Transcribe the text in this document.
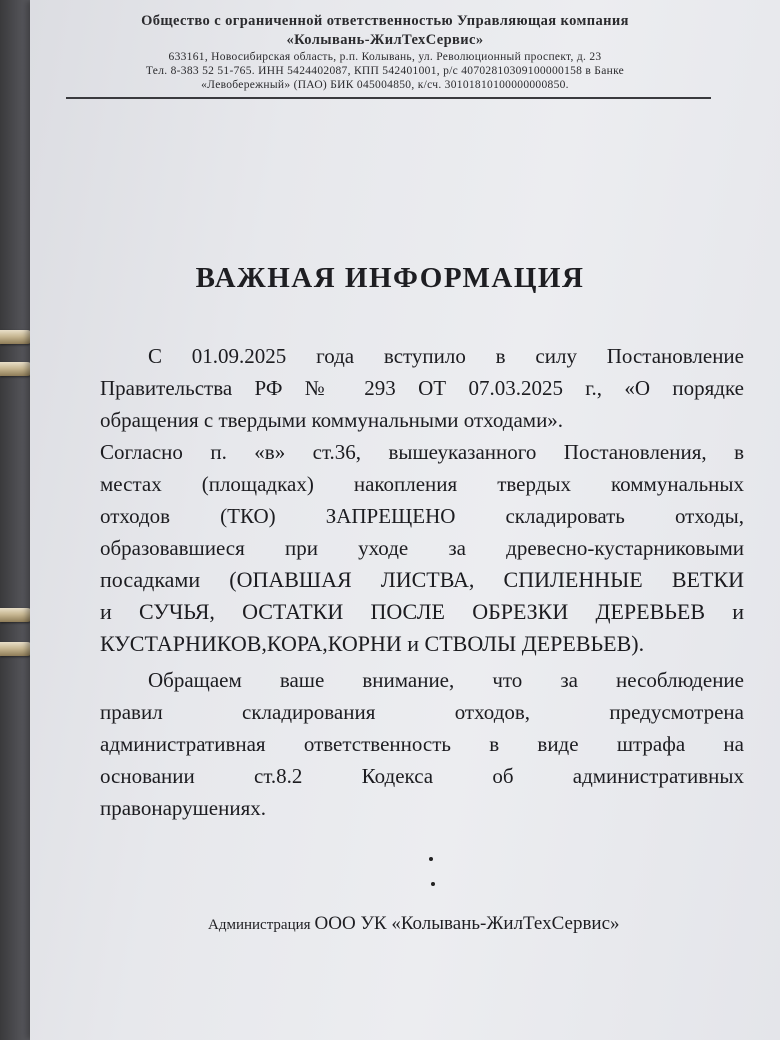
Общество с ограниченной ответственностью Управляющая компания
«Колывань-ЖилТехСервис»
633161, Новосибирская область, р.п. Колывань, ул. Революционный проспект, д. 23
Тел. 8-383 52 51-765. ИНН 5424402087, КПП 542401001, р/с 40702810309100000158 в Банке
«Левобережный» (ПАО) БИК 045004850, к/сч. 30101810100000000850.
ВАЖНАЯ ИНФОРМАЦИЯ
С 01.09.2025 года вступило в силу Постановление
Правительства РФ № 293 ОТ 07.03.2025 г., «О порядке
обращения с твердыми коммунальными отходами».
Согласно п. «в» ст.36, вышеуказанного Постановления, в
местах (площадках) накопления твердых коммунальных
отходов (ТКО) ЗАПРЕЩЕНО складировать отходы,
образовавшиеся при уходе за древесно-кустарниковыми
посадками (ОПАВШАЯ ЛИСТВА, СПИЛЕННЫЕ ВЕТКИ
и СУЧЬЯ, ОСТАТКИ ПОСЛЕ ОБРЕЗКИ ДЕРЕВЬЕВ и
КУСТАРНИКОВ,КОРА,КОРНИ и СТВОЛЫ ДЕРЕВЬЕВ).
Обращаем ваше внимание, что за несоблюдение
правил складирования отходов, предусмотрена
административная ответственность в виде штрафа на
основании ст.8.2 Кодекса об административных
правонарушениях.
Администрация ООО УК «Колывань-ЖилТехСервис»
